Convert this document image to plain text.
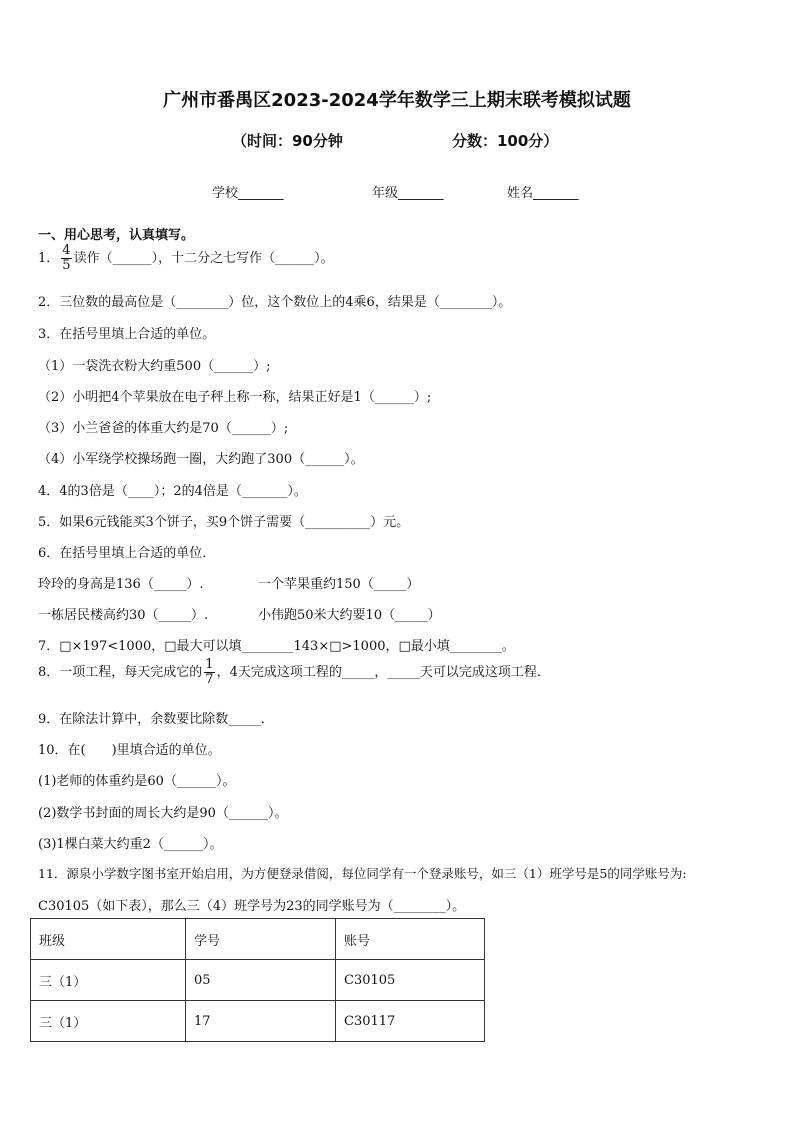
广州市番禺区2023-2024学年数学三上期末联考模拟试题
（时间：90分钟	分数：100分）
学校_______	年级_______	姓名_______
一、用心思考，认真填写。
1． $\frac{4}{5}$ 读作（______），十二分之七写作（______）。
2．三位数的最高位是（________）位，这个数位上的4乘6，结果是（________）。
3．在括号里填上合适的单位。
（1）一袋洗衣粉大约重500（______）;
（2）小明把4个苹果放在电子秤上称一称，结果正好是1（______）;
（3）小兰爸爸的体重大约是70（______）;
（4）小军绕学校操场跑一圈，大约跑了300（______）。
4．4的3倍是（____）；2的4倍是（_______）。
5．如果6元钱能买3个饼子，买9个饼子需要（__________）元。
6．在括号里填上合适的单位．
玲玲的身高是136（_____）.	一个苹果重约150（_____）
一栋居民楼高约30（_____）.	小伟跑50米大约要10（_____）
7．□×197<1000，□最大可以填________143×□>1000，□最小填________。
8．一项工程，每天完成它的 $\frac{1}{7}$ ，4天完成这项工程的_____，_____天可以完成这项工程．
9．在除法计算中，余数要比除数_____．
10．在(　　)里填合适的单位。
(1)老师的体重约是60（______）。
(2)数学书封面的周长大约是90（______）。
(3)1棵白菜大约重2（______）。
11．源泉小学数字图书室开始启用，为方便登录借阅，每位同学有一个登录账号，如三（1）班学号是5的同学账号为:
C30105（如下表），那么三（4）班学号为23的同学账号为（________）。
班级	学号	账号
三（1）	05	C30105
三（1）	17	C30117
